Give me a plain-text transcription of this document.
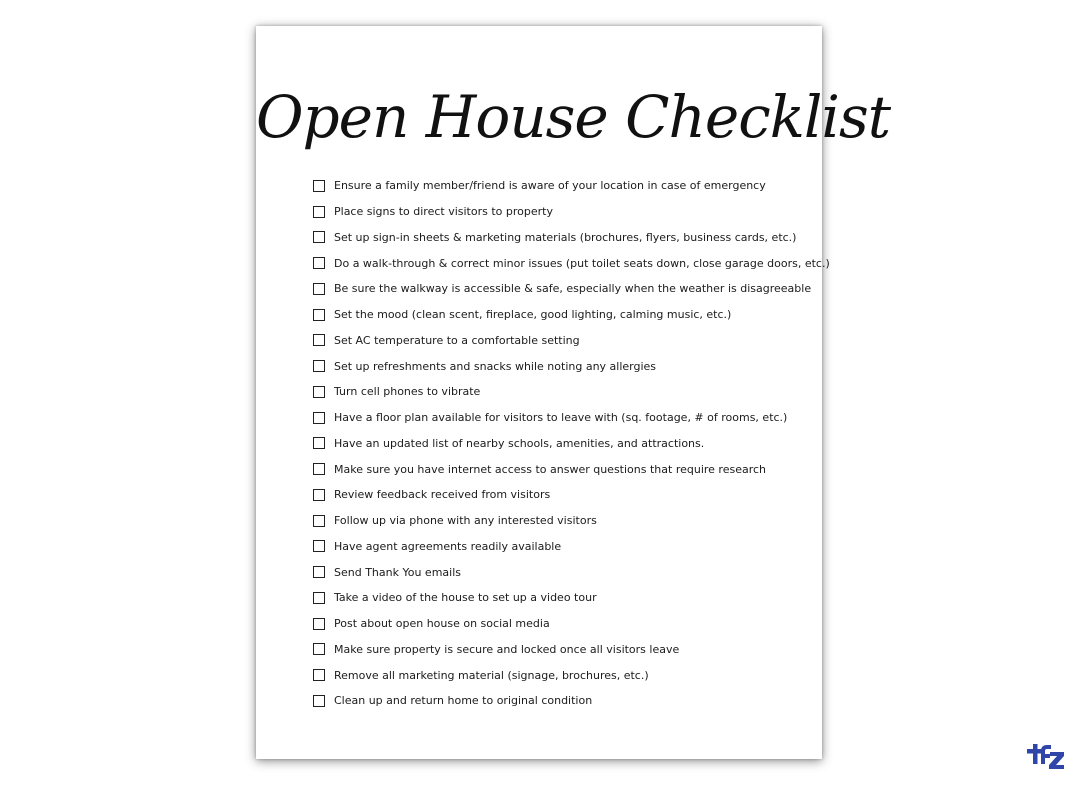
Open House Checklist
Ensure a family member/friend is aware of your location in case of emergency
Place signs to direct visitors to property
Set up sign-in sheets & marketing materials (brochures, flyers, business cards, etc.)
Do a walk-through & correct minor issues (put toilet seats down, close garage doors, etc.)
Be sure the walkway is accessible & safe, especially when the weather is disagreeable
Set the mood (clean scent, fireplace, good lighting, calming music, etc.)
Set AC temperature to a comfortable setting
Set up refreshments and snacks while noting any allergies
Turn cell phones to vibrate
Have a floor plan available for visitors to leave with (sq. footage, # of rooms, etc.)
Have an updated list of nearby schools, amenities, and attractions.
Make sure you have internet access to answer questions that require research
Review feedback received from visitors
Follow up via phone with any interested visitors
Have agent agreements readily available
Send Thank You emails
Take a video of the house to set up a video tour
Post about open house on social media
Make sure property is secure and locked once all visitors leave
Remove all marketing material (signage, brochures, etc.)
Clean up and return home to original condition
